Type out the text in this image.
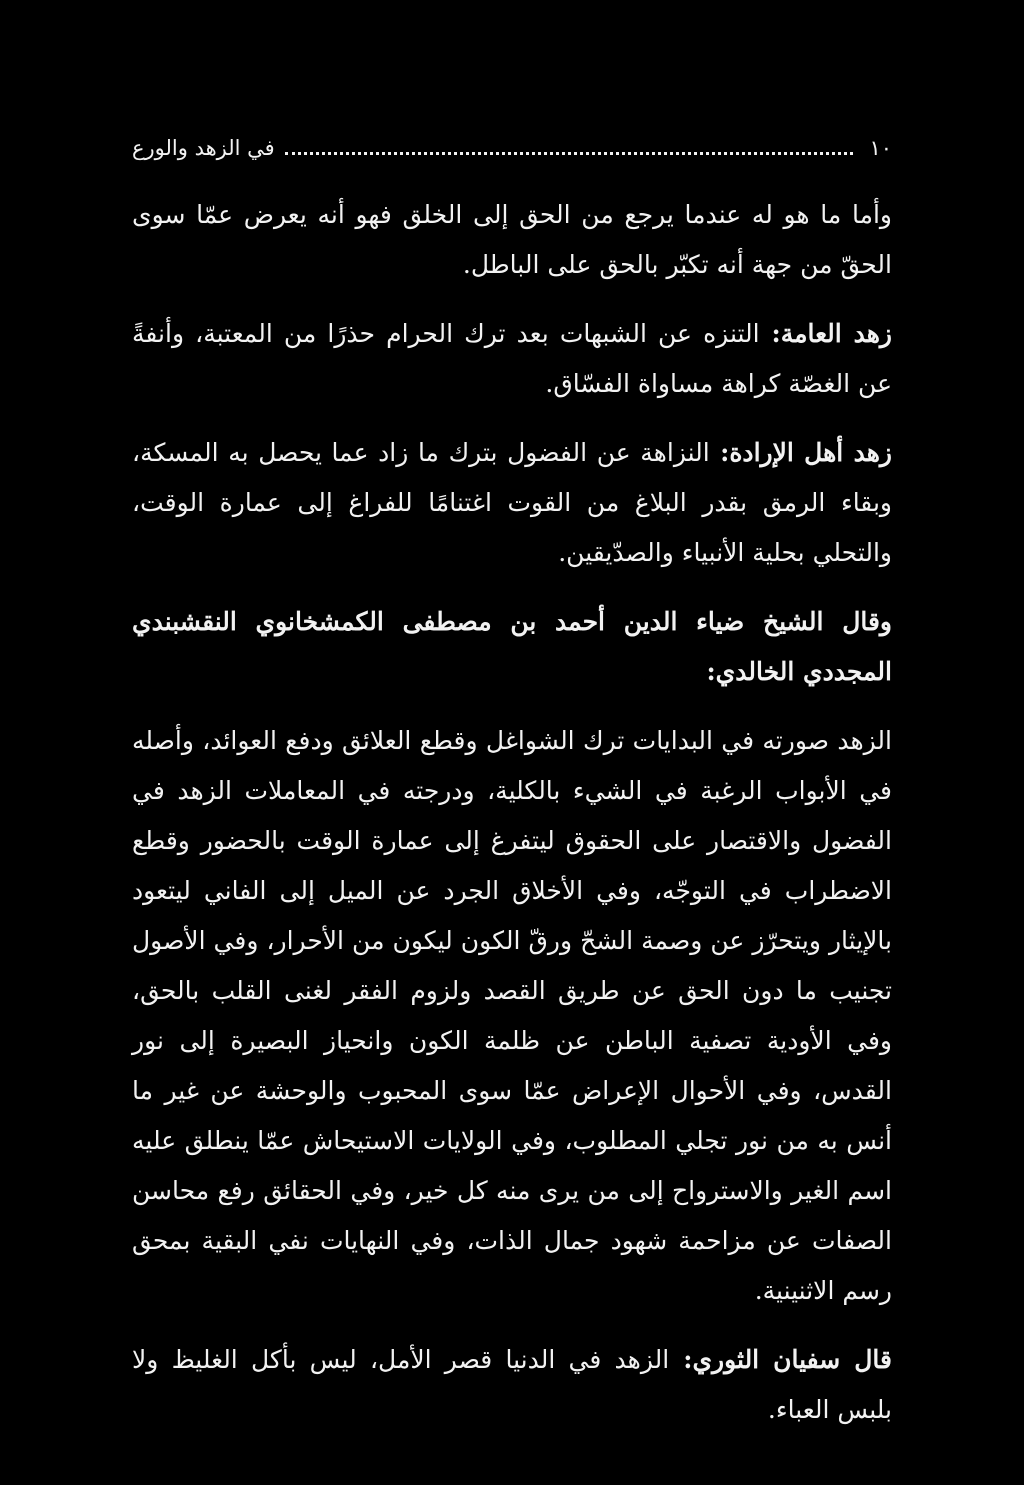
١٠
في الزهد والورع

وأما ما هو له عندما يرجع من الحق إلى الخلق فهو أنه يعرض عمّا سوى الحقّ من جهة أنه تكبّر بالحق على الباطل.

زهد العامة: التنزه عن الشبهات بعد ترك الحرام حذرًا من المعتبة، وأنفةً عن الغصّة كراهة مساواة الفسّاق.

زهد أهل الإرادة: النزاهة عن الفضول بترك ما زاد عما يحصل به المسكة، وبقاء الرمق بقدر البلاغ من القوت اغتنامًا للفراغ إلى عمارة الوقت، والتحلي بحلية الأنبياء والصدّيقين.

وقال الشيخ ضياء الدين أحمد بن مصطفى الكمشخانوي النقشبندي المجددي الخالدي:

الزهد صورته في البدايات ترك الشواغل وقطع العلائق ودفع العوائد، وأصله في الأبواب الرغبة في الشيء بالكلية، ودرجته في المعاملات الزهد في الفضول والاقتصار على الحقوق ليتفرغ إلى عمارة الوقت بالحضور وقطع الاضطراب في التوجّه، وفي الأخلاق الجرد عن الميل إلى الفاني ليتعود بالإيثار ويتحرّز عن وصمة الشحّ ورقّ الكون ليكون من الأحرار، وفي الأصول تجنيب ما دون الحق عن طريق القصد ولزوم الفقر لغنى القلب بالحق، وفي الأودية تصفية الباطن عن ظلمة الكون وانحياز البصيرة إلى نور القدس، وفي الأحوال الإعراض عمّا سوى المحبوب والوحشة عن غير ما أنس به من نور تجلي المطلوب، وفي الولايات الاستيحاش عمّا ينطلق عليه اسم الغير والاسترواح إلى من يرى منه كل خير، وفي الحقائق رفع محاسن الصفات عن مزاحمة شهود جمال الذات، وفي النهايات نفي البقية بمحق رسم الاثنينية.

قال سفيان الثوري: الزهد في الدنيا قصر الأمل، ليس بأكل الغليظ ولا بلبس العباء.
